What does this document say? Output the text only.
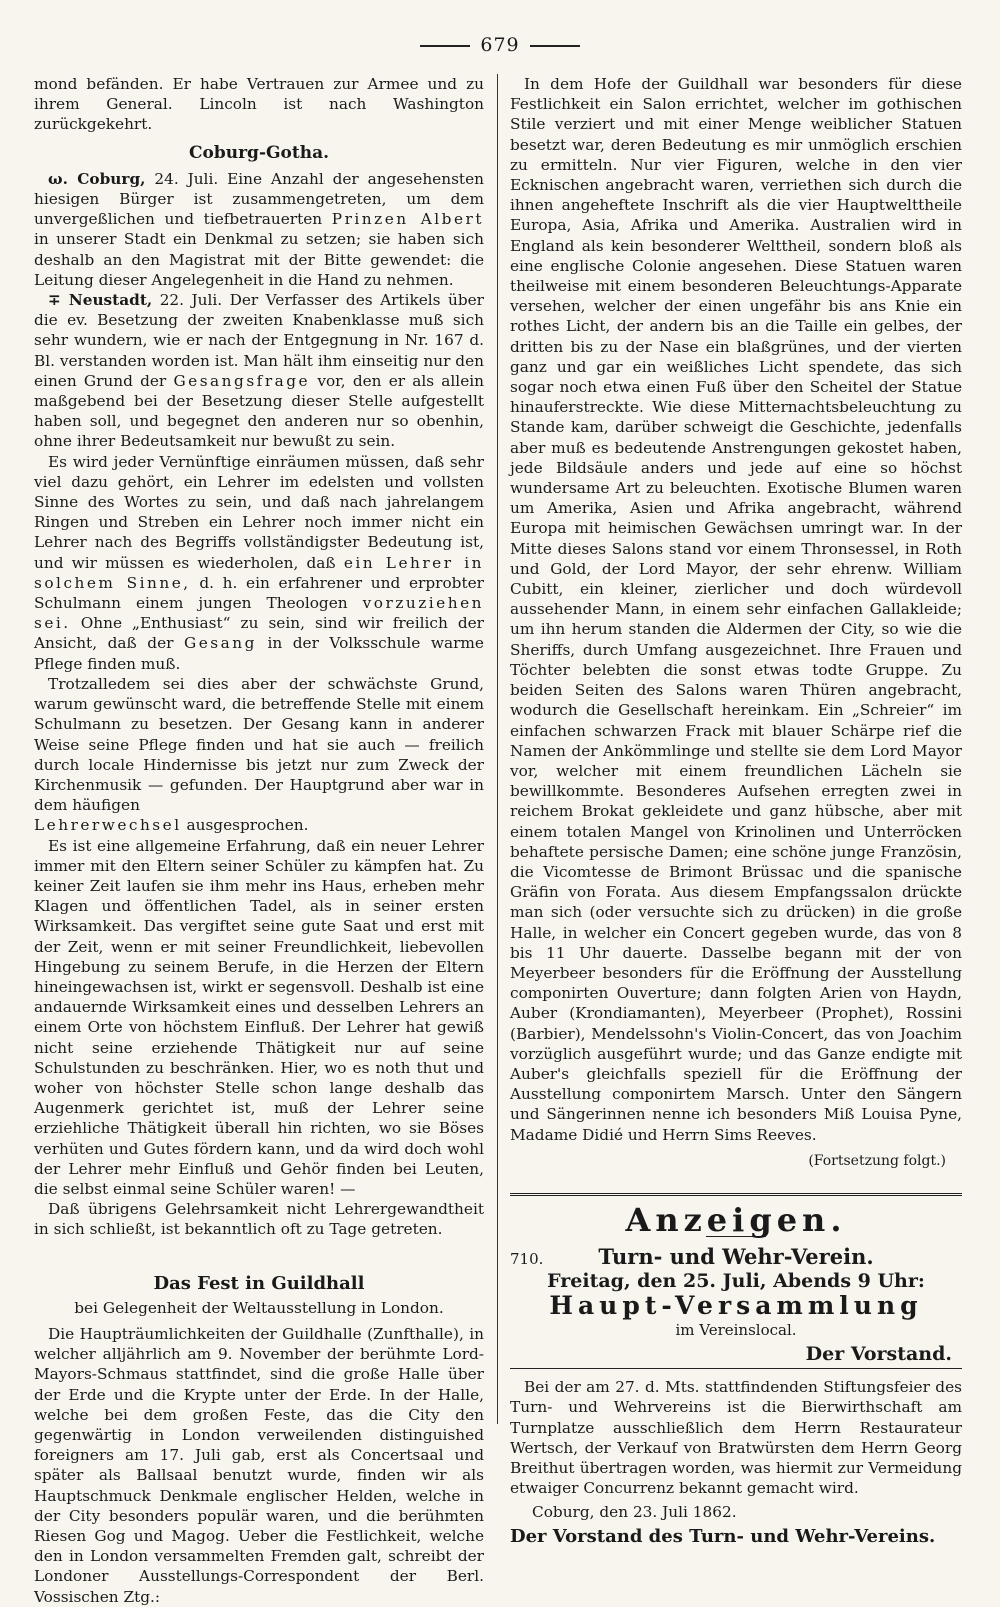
679

mond befänden. Er habe Vertrauen zur Armee und zu ihrem General. Lincoln ist nach Washington zurückgekehrt.

Coburg-Gotha.

ω. Coburg, 24. Juli. Eine Anzahl der angesehensten hiesigen Bürger ist zusammengetreten, um dem unvergeßlichen und tiefbetrauerten Prinzen Albert in unserer Stadt ein Denkmal zu setzen; sie haben sich deshalb an den Magistrat mit der Bitte gewendet: die Leitung dieser Angelegenheit in die Hand zu nehmen.

∓ Neustadt, 22. Juli. Der Verfasser des Artikels über die ev. Besetzung der zweiten Knabenklasse muß sich sehr wundern, wie er nach der Entgegnung in Nr. 167 d. Bl. verstanden worden ist. Man hält ihm einseitig nur den einen Grund der Gesangsfrage vor, den er als allein maßgebend bei der Besetzung dieser Stelle aufgestellt haben soll, und begegnet den anderen nur so obenhin, ohne ihrer Bedeutsamkeit nur bewußt zu sein.

Es wird jeder Vernünftige einräumen müssen, daß sehr viel dazu gehört, ein Lehrer im edelsten und vollsten Sinne des Wortes zu sein, und daß nach jahrelangem Ringen und Streben ein Lehrer noch immer nicht ein Lehrer nach des Begriffs vollständigster Bedeutung ist, und wir müssen es wiederholen, daß ein Lehrer in solchem Sinne, d. h. ein erfahrener und erprobter Schulmann einem jungen Theologen vorzuziehen sei. Ohne „Enthusiast“ zu sein, sind wir freilich der Ansicht, daß der Gesang in der Volksschule warme Pflege finden muß.

Trotzalledem sei dies aber der schwächste Grund, warum gewünscht ward, die betreffende Stelle mit einem Schulmann zu besetzen. Der Gesang kann in anderer Weise seine Pflege finden und hat sie auch — freilich durch locale Hindernisse bis jetzt nur zum Zweck der Kirchenmusik — gefunden. Der Hauptgrund aber war in dem häufigen
Lehrerwechsel ausgesprochen.

Es ist eine allgemeine Erfahrung, daß ein neuer Lehrer immer mit den Eltern seiner Schüler zu kämpfen hat. Zu keiner Zeit laufen sie ihm mehr ins Haus, erheben mehr Klagen und öffentlichen Tadel, als in seiner ersten Wirksamkeit. Das vergiftet seine gute Saat und erst mit der Zeit, wenn er mit seiner Freundlichkeit, liebevollen Hingebung zu seinem Berufe, in die Herzen der Eltern hineingewachsen ist, wirkt er segensvoll. Deshalb ist eine andauernde Wirksamkeit eines und desselben Lehrers an einem Orte von höchstem Einfluß. Der Lehrer hat gewiß nicht seine erziehende Thätigkeit nur auf seine Schulstunden zu beschränken. Hier, wo es noth thut und woher von höchster Stelle schon lange deshalb das Augenmerk gerichtet ist, muß der Lehrer seine erziehliche Thätigkeit überall hin richten, wo sie Böses verhüten und Gutes fördern kann, und da wird doch wohl der Lehrer mehr Einfluß und Gehör finden bei Leuten, die selbst einmal seine Schüler waren! —

Daß übrigens Gelehrsamkeit nicht Lehrergewandtheit in sich schließt, ist bekanntlich oft zu Tage getreten.

Das Fest in Guildhall
bei Gelegenheit der Weltausstellung in London.

Die Haupträumlichkeiten der Guildhalle (Zunfthalle), in welcher alljährlich am 9. November der berühmte Lord-Mayors-Schmaus stattfindet, sind die große Halle über der Erde und die Krypte unter der Erde. In der Halle, welche bei dem großen Feste, das die City den gegenwärtig in London verweilenden distinguished foreigners am 17. Juli gab, erst als Concertsaal und später als Ballsaal benutzt wurde, finden wir als Hauptschmuck Denkmale englischer Helden, welche in der City besonders populär waren, und die berühmten Riesen Gog und Magog. Ueber die Festlichkeit, welche den in London versammelten Fremden galt, schreibt der Londoner Ausstellungs-Correspondent der Berl. Vossischen Ztg.:

In dem Hofe der Guildhall war besonders für diese Festlichkeit ein Salon errichtet, welcher im gothischen Stile verziert und mit einer Menge weiblicher Statuen besetzt war, deren Bedeutung es mir unmöglich erschien zu ermitteln. Nur vier Figuren, welche in den vier Ecknischen angebracht waren, verriethen sich durch die ihnen angeheftete Inschrift als die vier Hauptwelttheile Europa, Asia, Afrika und Amerika. Australien wird in England als kein besonderer Welttheil, sondern bloß als eine englische Colonie angesehen. Diese Statuen waren theilweise mit einem besonderen Beleuchtungs-Apparate versehen, welcher der einen ungefähr bis ans Knie ein rothes Licht, der andern bis an die Taille ein gelbes, der dritten bis zu der Nase ein blaßgrünes, und der vierten ganz und gar ein weißliches Licht spendete, das sich sogar noch etwa einen Fuß über den Scheitel der Statue hinauferstreckte. Wie diese Mitternachtsbeleuchtung zu Stande kam, darüber schweigt die Geschichte, jedenfalls aber muß es bedeutende Anstrengungen gekostet haben, jede Bildsäule anders und jede auf eine so höchst wundersame Art zu beleuchten. Exotische Blumen waren um Amerika, Asien und Afrika angebracht, während Europa mit heimischen Gewächsen umringt war. In der Mitte dieses Salons stand vor einem Thronsessel, in Roth und Gold, der Lord Mayor, der sehr ehrenw. William Cubitt, ein kleiner, zierlicher und doch würdevoll aussehender Mann, in einem sehr einfachen Gallakleide; um ihn herum standen die Aldermen der City, so wie die Sheriffs, durch Umfang ausgezeichnet. Ihre Frauen und Töchter belebten die sonst etwas todte Gruppe. Zu beiden Seiten des Salons waren Thüren angebracht, wodurch die Gesellschaft hereinkam. Ein „Schreier“ im einfachen schwarzen Frack mit blauer Schärpe rief die Namen der Ankömmlinge und stellte sie dem Lord Mayor vor, welcher mit einem freundlichen Lächeln sie bewillkommte. Besonderes Aufsehen erregten zwei in reichem Brokat gekleidete und ganz hübsche, aber mit einem totalen Mangel von Krinolinen und Unterröcken behaftete persische Damen; eine schöne junge Französin, die Vicomtesse de Brimont Brüssac und die spanische Gräfin von Forata. Aus diesem Empfangssalon drückte man sich (oder versuchte sich zu drücken) in die große Halle, in welcher ein Concert gegeben wurde, das von 8 bis 11 Uhr dauerte. Dasselbe begann mit der von Meyerbeer besonders für die Eröffnung der Ausstellung componirten Ouverture; dann folgten Arien von Haydn, Auber (Krondiamanten), Meyerbeer (Prophet), Rossini (Barbier), Mendelssohn's Violin-Concert, das von Joachim vorzüglich ausgeführt wurde; und das Ganze endigte mit Auber's gleichfalls speziell für die Eröffnung der Ausstellung componirtem Marsch. Unter den Sängern und Sängerinnen nenne ich besonders Miß Louisa Pyne, Madame Didié und Herrn Sims Reeves.

(Fortsetzung folgt.)
Anzeigen.
710.	Turn- und Wehr-Verein.
Freitag, den 25. Juli, Abends 9 Uhr:
Haupt-Versammlung
im Vereinslocal.
Der Vorstand.

Bei der am 27. d. Mts. stattfindenden Stiftungsfeier des Turn- und Wehrvereins ist die Bierwirthschaft am Turnplatze ausschließlich dem Herrn Restaurateur Wertsch, der Verkauf von Bratwürsten dem Herrn Georg Breithut übertragen worden, was hiermit zur Vermeidung etwaiger Concurrenz bekannt gemacht wird.

Coburg, den 23. Juli 1862.
Der Vorstand des Turn- und Wehr-Vereins.
